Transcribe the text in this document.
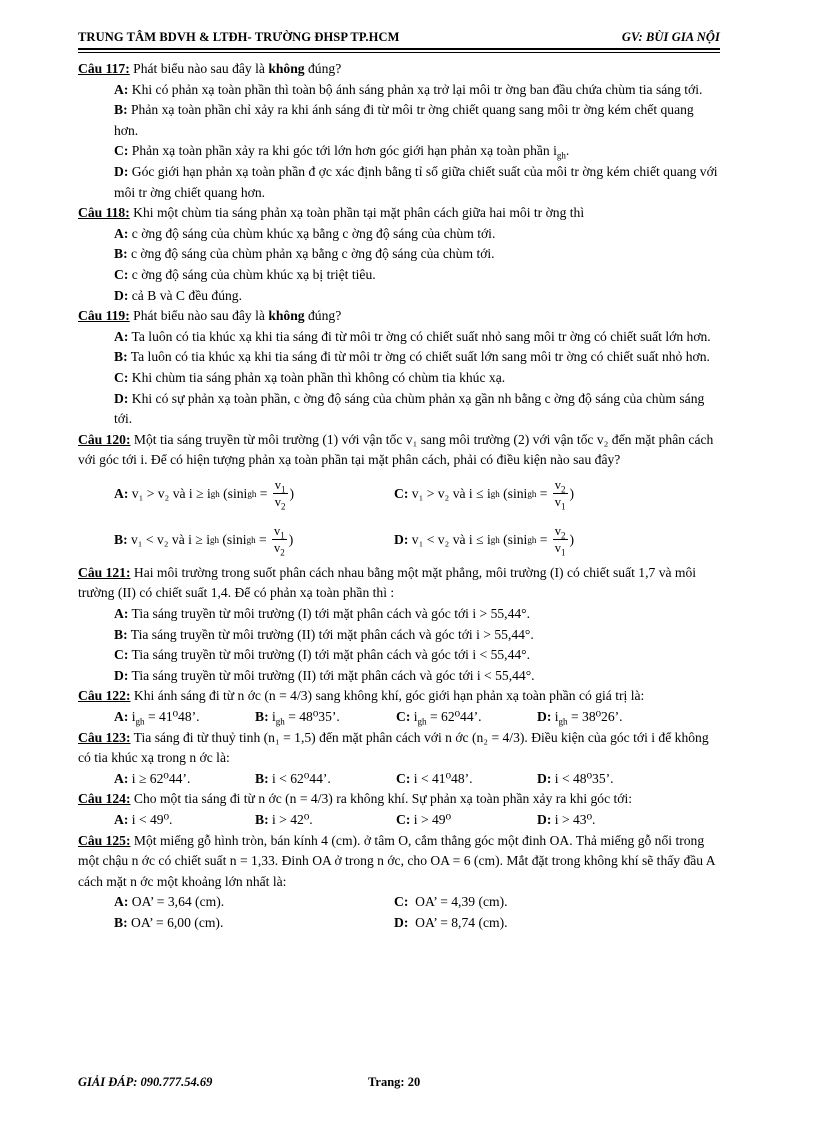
TRUNG TÂM BDVH & LTĐH- TRƯỜNG ĐHSP TP.HCM	GV: BÙI GIA NỘI

Câu 117: Phát biểu nào sau đây là không đúng?

A: Khi có phản xạ toàn phần thì toàn bộ ánh sáng phản xạ trở lại môi tr ờng ban đầu chứa chùm tia sáng tới.

B: Phản xạ toàn phần chỉ xảy ra khi ánh sáng đi từ môi tr ờng chiết quang sang môi tr ờng kém chết quang hơn.

C: Phản xạ toàn phần xảy ra khi góc tới lớn hơn góc giới hạn phản xạ toàn phần $i_{gh}$.

D: Góc giới hạn phản xạ toàn phần đ ợc xác định bằng tỉ số giữa chiết suất của môi tr ờng kém chiết quang với môi tr ờng chiết quang hơn.

Câu 118: Khi một chùm tia sáng phản xạ toàn phần tại mặt phân cách giữa hai môi tr ờng thì

A: c ờng độ sáng của chùm khúc xạ bằng c ờng độ sáng của chùm tới.

B: c ờng độ sáng của chùm phản xạ bằng c ờng độ sáng của chùm tới.

C: c ờng độ sáng của chùm khúc xạ bị triệt tiêu.

D: cả B và C đều đúng.

Câu 119: Phát biểu nào sau đây là không đúng?

A: Ta luôn có tia khúc xạ khi tia sáng đi từ môi tr ờng có chiết suất nhỏ sang môi tr ờng có chiết suất lớn hơn.

B: Ta luôn có tia khúc xạ khi tia sáng đi từ môi tr ờng có chiết suất lớn sang môi tr ờng có chiết suất nhỏ hơn.

C: Khi chùm tia sáng phản xạ toàn phần thì không có chùm tia khúc xạ.

D: Khi có sự phản xạ toàn phần, c ờng độ sáng của chùm phản xạ gần nh bằng c ờng độ sáng của chùm sáng tới.

Câu 120: Một tia sáng truyền từ môi trường (1) với vận tốc v₁ sang môi trường (2) với vận tốc v₂ đến mặt phân cách với góc tới i. Để có hiện tượng phản xạ toàn phần tại mặt phân cách, phải có điều kiện nào sau đây?

A:
v₁ > v₂ và i ≥ i gh
(sini gh = $\frac{v_1}{v_2}$ )	C:
v₁ > v₂ và i ≤ i gh
(sini gh = $\frac{v_2}{v_1}$ )
B:
v₁ < v₂ và i ≥ i gh
(sini gh = $\frac{v_1}{v_2}$ )	D:
v₁ < v₂ và i ≤ i gh
(sini gh = $\frac{v_2}{v_1}$ )

Câu 121: Hai môi trường trong suốt phân cách nhau bằng một mặt phẳng, môi trường (I) có chiết suất 1,7 và môi trường (II) có chiết suất 1,4. Để có phản xạ toàn phần thì :

A: Tia sáng truyền từ môi trường (I) tới mặt phân cách và góc tới i > 55,44°.

B: Tia sáng truyền từ môi trường (II) tới mặt phân cách và góc tới i > 55,44°.

C: Tia sáng truyền từ môi trường (I) tới mặt phân cách và góc tới i < 55,44°.

D: Tia sáng truyền từ môi trường (II) tới mặt phân cách và góc tới i < 55,44°.

Câu 122: Khi ánh sáng đi từ n ớc (n = 4/3) sang không khí, góc giới hạn phản xạ toàn phần có giá trị là:

A: $i_{gh} = 41^048$’.	B: $i_{gh} = 48^035$’.	C: $i_{gh} = 62^044$’.	D: $i_{gh} = 38^026$’.

Câu 123: Tia sáng đi từ thuỷ tinh (n₁ = 1,5) đến mặt phân cách với n ớc (n₂ = 4/3). Điều kiện của góc tới i để không có tia khúc xạ trong n ớc là:

A: i ≥ 62⁰44’.	B: i < 62⁰44’.	C: i < 41⁰48’.	D: i < 48⁰35’.

Câu 124: Cho một tia sáng đi từ n ớc (n = 4/3) ra không khí. Sự phản xạ toàn phần xảy ra khi góc tới:

A: i < 49⁰.	B: i > 42⁰.	C: i > 49⁰	D: i > 43⁰.

Câu 125: Một miếng gỗ hình tròn, bán kính 4 (cm). ở tâm O, cắm thẳng góc một đinh OA. Thả miếng gỗ nổi trong một chậu n ớc có chiết suất n = 1,33. Đinh OA ở trong n ớc, cho OA = 6 (cm). Mắt đặt trong không khí sẽ thấy đầu A cách mặt n ớc một khoảng lớn nhất là:

A: OA’ = 3,64 (cm).	C: OA’ = 4,39 (cm).
B: OA’ = 6,00 (cm).	D: OA’ = 8,74 (cm).
GIẢI ĐÁP: 090.777.54.69	Trang: 20
